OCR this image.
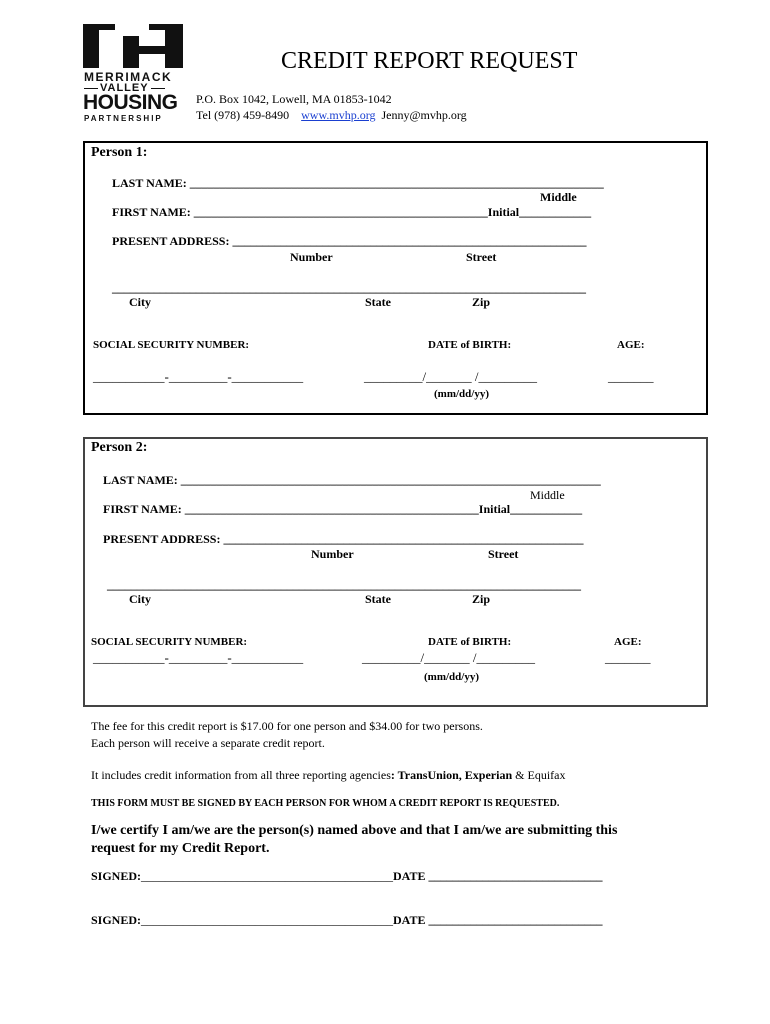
MERRIMACK
VALLEY
HOUSING
PARTNERSHIP
CREDIT REPORT REQUEST
P.O. Box 1042, Lowell, MA 01853-1042
Tel (978) 459-8490 www.mvhp.org Jenny@mvhp.org
Person 1:
LAST NAME: _____________________________________________________________________
Middle
FIRST NAME: _________________________________________________Initial____________
PRESENT ADDRESS: ___________________________________________________________
Number	Street
_______________________________________________________________________________
City	State	Zip
SOCIAL SECURITY NUMBER:	DATE of BIRTH:	AGE:
___________-_________-___________	_________/_______ /_________	_______
(mm/dd/yy)
Person 2:
LAST NAME: ______________________________________________________________________
Middle
FIRST NAME: _________________________________________________Initial____________
PRESENT ADDRESS: ____________________________________________________________
Number	Street
_______________________________________________________________________________
City	State	Zip
SOCIAL SECURITY NUMBER:	DATE of BIRTH:	AGE:
___________-_________-___________	_________/_______ /_________	_______
(mm/dd/yy)
The fee for this credit report is $17.00 for one person and $34.00 for two persons.
Each person will receive a separate credit report.
It includes credit information from all three reporting agencies: TransUnion, Experian & Equifax
THIS FORM MUST BE SIGNED BY EACH PERSON FOR WHOM A CREDIT REPORT IS REQUESTED.
I/we certify I am/we are the person(s) named above and that I am/we are submitting this
request for my Credit Report.
SIGNED:__________________________________________DATE _____________________________
SIGNED:__________________________________________DATE _____________________________
